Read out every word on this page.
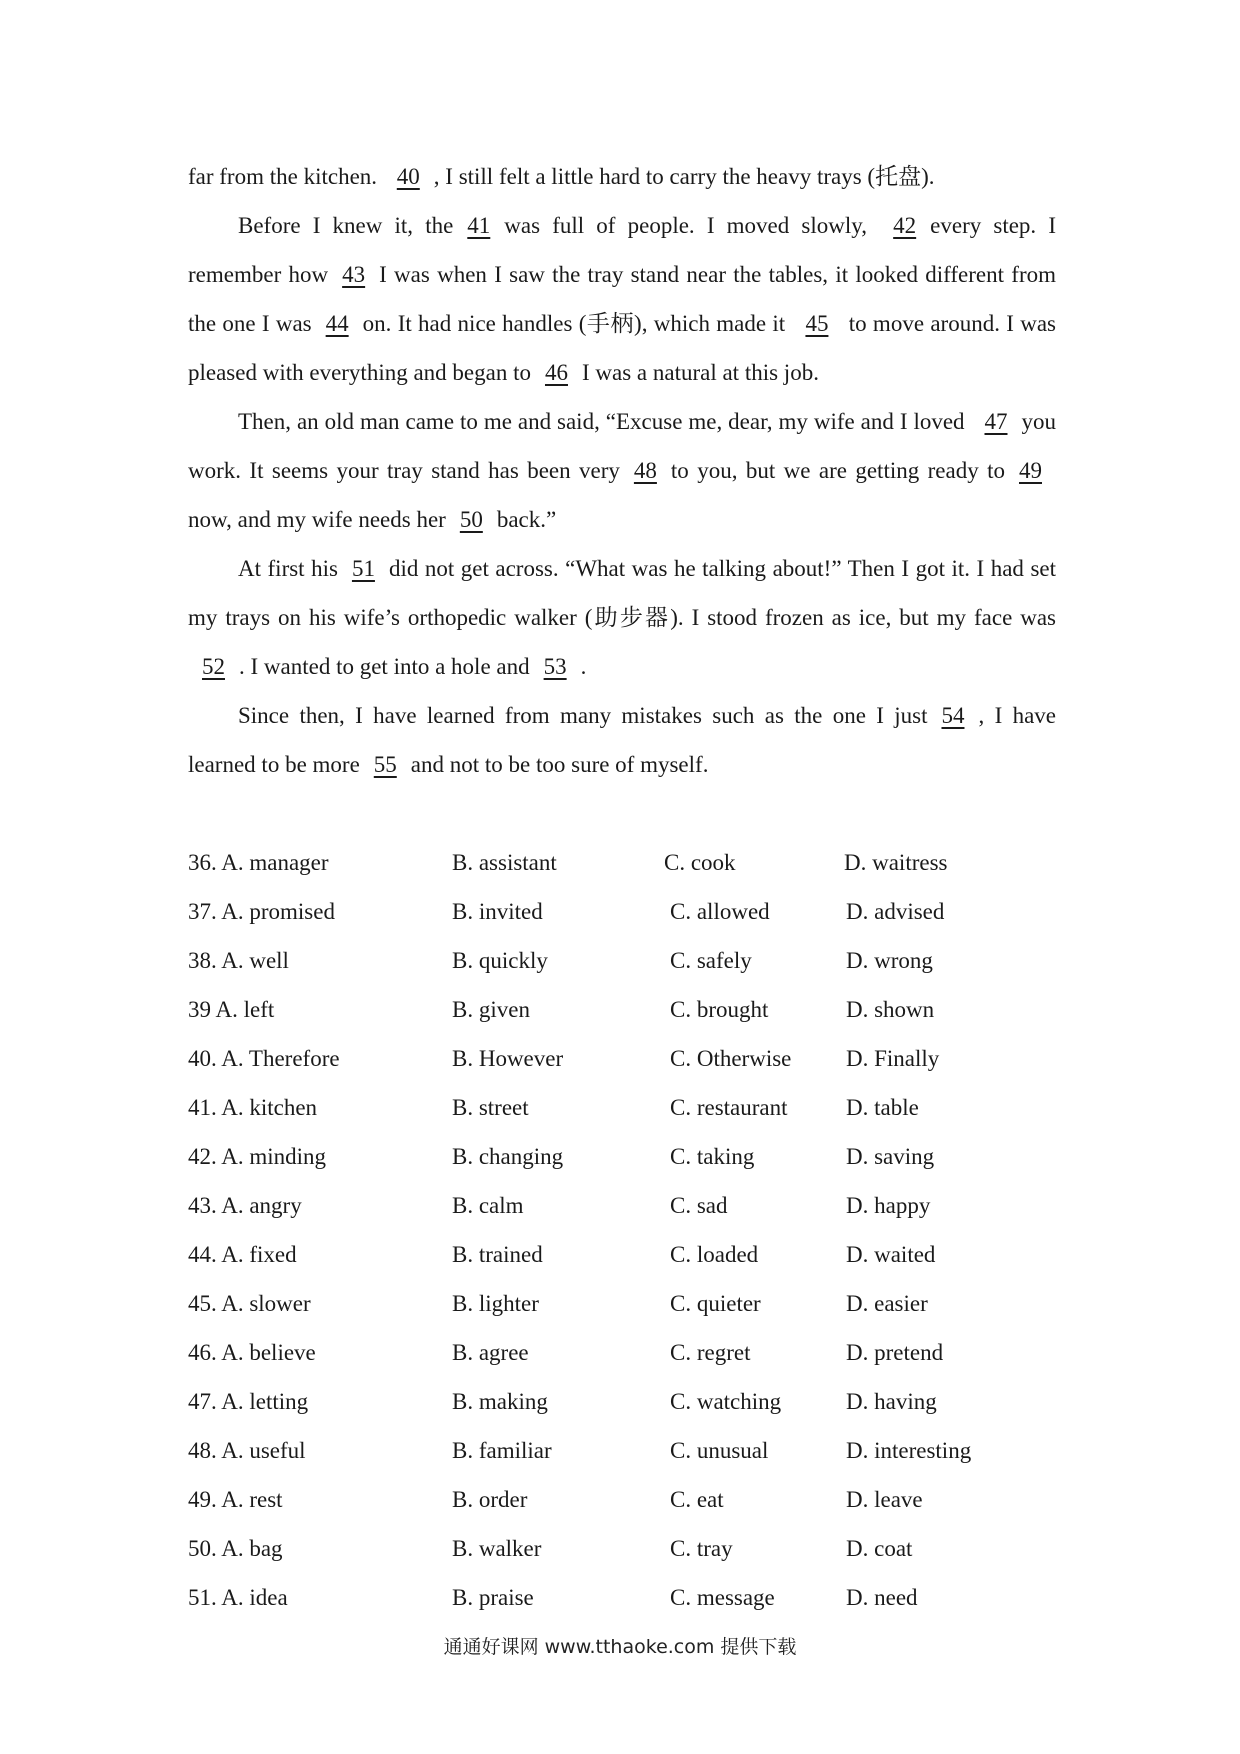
far from the kitchen. 40 , I still felt a little hard to carry the heavy trays (托盘).

Before I knew it, the 41 was full of people. I moved slowly, 42 every step. I remember how 43 I was when I saw the tray stand near the tables, it looked different from the one I was 44 on. It had nice handles (手柄), which made it 45 to move around. I was pleased with everything and began to 46 I was a natural at this job.

Then, an old man came to me and said, “Excuse me, dear, my wife and I loved 47 you work. It seems your tray stand has been very 48 to you, but we are getting ready to 49now, and my wife needs her 50 back.”

At first his 51 did not get across. “What was he talking about!” Then I got it. I had set my trays on his wife’s orthopedic walker (助步器). I stood frozen as ice, but my face was52 . I wanted to get into a hole and 53 .

Since then, I have learned from many mistakes such as the one I just 54 , I have learned to be more 55 and not to be too sure of myself.

36. A. manager	B. assistant	C. cook	D. waitress
37. A. promised	B. invited	C. allowed	D. advised
38. A. well	B. quickly	C. safely	D. wrong
39 A. left	B. given	C. brought	D. shown
40. A. Therefore	B. However	C. Otherwise D. Finally
41. A. kitchen	B. street	C. restaurant	D. table
42. A. minding	B. changing	C. taking	D. saving
43. A. angry	B. calm	C. sad	D. happy
44. A. fixed	B. trained	C. loaded	D. waited
45. A. slower	B. lighter	C. quieter	D. easier
46. A. believe	B. agree	C. regret	D. pretend
47. A. letting	B. making	C. watching	D. having
48. A. useful	B. familiar	C. unusual	D. interesting
49. A. rest	B. order	C. eat	D. leave
50. A. bag	B. walker	C. tray	D. coat
51. A. idea	B. praise	C. message	D. need
通通好课网 www.tthaoke.com 提供下载
